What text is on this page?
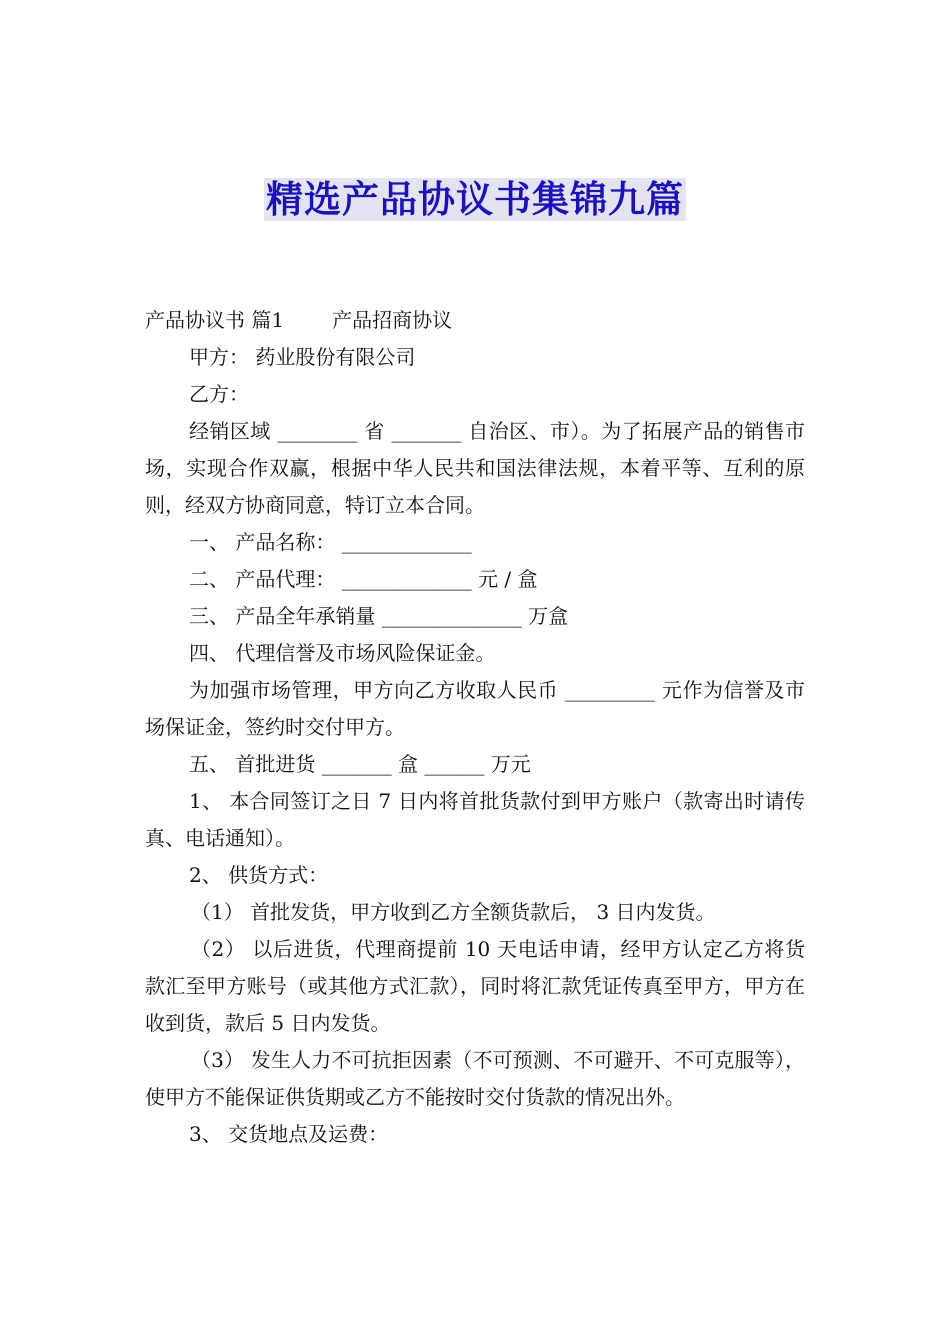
精选产品协议书集锦九篇

产品协议书 篇1 产品招商协议

甲方： 药业股份有限公司

乙方：

经销区域 ________ 省 _______ 自治区、市）。为了拓展产品的销售市场，实现合作双赢，根据中华人民共和国法律法规，本着平等、互利的原则，经双方协商同意，特订立本合同。

一、 产品名称： _____________

二、 产品代理： _____________ 元 / 盒

三、 产品全年承销量 ______________ 万盒

四、 代理信誉及市场风险保证金。

为加强市场管理，甲方向乙方收取人民币 _________ 元作为信誉及市场保证金，签约时交付甲方。

五、 首批进货 _______ 盒 ______ 万元

1、 本合同签订之日 7 日内将首批货款付到甲方账户（款寄出时请传真、电话通知）。

2、 供货方式：

（1） 首批发货，甲方收到乙方全额货款后， 3 日内发货。

（2） 以后进货，代理商提前 10 天电话申请，经甲方认定乙方将货款汇至甲方账号（或其他方式汇款），同时将汇款凭证传真至甲方，甲方在收到货，款后 5 日内发货。

（3） 发生人力不可抗拒因素（不可预测、不可避开、不可克服等），使甲方不能保证供货期或乙方不能按时交付货款的情况出外。

3、 交货地点及运费：
